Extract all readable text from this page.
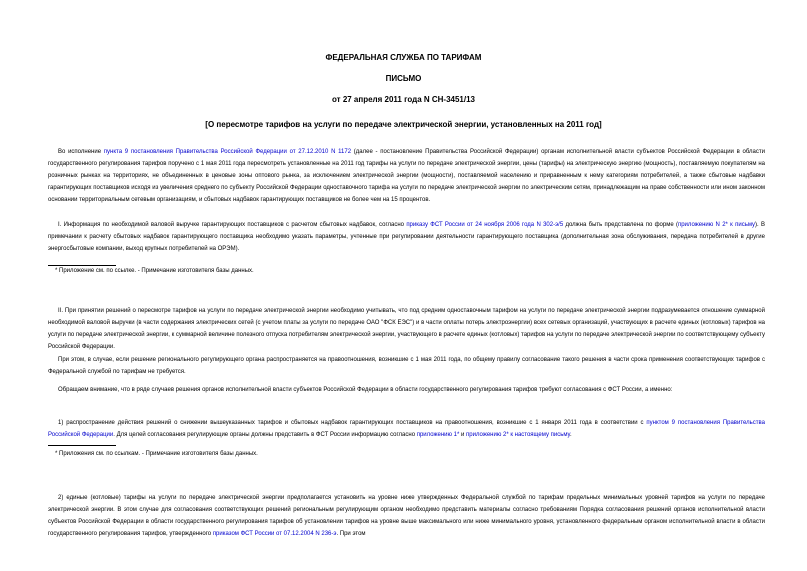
ФЕДЕРАЛЬНАЯ СЛУЖБА ПО ТАРИФАМ
ПИСЬМО
от 27 апреля 2011 года N СН-3451/13
[О пересмотре тарифов на услуги по передаче электрической энергии, установленных на 2011 год]

Во исполнение пункта 9 постановления Правительства Российской Федерации от 27.12.2010 N 1172 (далее - постановление Правительства Российской Федерации) органам исполнительной власти субъектов Российской Федерации в области государственного регулирования тарифов поручено с 1 мая 2011 года пересмотреть установленные на 2011 год тарифы на услуги по передаче электрической энергии, цены (тарифы) на электрическую энергию (мощность), поставляемую покупателям на розничных рынках на территориях, не объединенных в ценовые зоны оптового рынка, за исключением электрической энергии (мощности), поставляемой населению и приравненным к нему категориям потребителей, а также сбытовые надбавки гарантирующих поставщиков исходя из увеличения среднего по субъекту Российской Федерации одноставочного тарифа на услуги по передаче электрической энергии по электрическим сетям, принадлежащим на праве собственности или ином законном основании территориальным сетевым организациям, и сбытовых надбавок гарантирующих поставщиков не более чем на 15 процентов.

I. Информация по необходимой валовой выручке гарантирующих поставщиков с расчетом сбытовых надбавок, согласно приказу ФСТ России от 24 ноября 2006 года N 302-э/5 должна быть представлена по форме (приложению N 2* к письму). В примечании к расчету сбытовых надбавок гарантирующего поставщика необходимо указать параметры, учтенные при регулировании деятельности гарантирующего поставщика (дополнительная зона обслуживания, передача потребителей в другие энергосбытовые компании, выход крупных потребителей на ОРЭМ).

* Приложение см. по ссылке. - Примечание изготовителя базы данных.

II. При принятии решений о пересмотре тарифов на услуги по передаче электрической энергии необходимо учитывать, что под средним одноставочным тарифом на услуги по передаче электрической энергии подразумевается отношение суммарной необходимой валовой выручки (в части содержания электрических сетей (с учетом платы за услуги по передаче ОАО "ФСК ЕЭС") и в части оплаты потерь электроэнергии) всех сетевых организаций, участвующих в расчете единых (котловых) тарифов на услуги по передаче электрической энергии, к суммарной величине полезного отпуска потребителям электрической энергии, участвующего в расчете единых (котловых) тарифов на услуги по передаче электрической энергии по соответствующему субъекту Российской Федерации.

При этом, в случае, если решение регионального регулирующего органа распространяется на правоотношения, возникшие с 1 мая 2011 года, по общему правилу согласование такого решения в части срока применения соответствующих тарифов с Федеральной службой по тарифам не требуется.

Обращаем внимание, что в ряде случаев решения органов исполнительной власти субъектов Российской Федерации в области государственного регулирования тарифов требуют согласования с ФСТ России, а именно:

1) распространение действия решений о снижении вышеуказанных тарифов и сбытовых надбавок гарантирующих поставщиков на правоотношения, возникшие с 1 января 2011 года в соответствии с пунктом 9 постановления Правительства Российской Федерации. Для целей согласования регулирующие органы должны представить в ФСТ России информацию согласно приложению 1* и приложению 2* к настоящему письму.

* Приложения см. по ссылкам. - Примечание изготовителя базы данных.

2) единые (котловые) тарифы на услуги по передаче электрической энергии предполагается установить на уровне ниже утвержденных Федеральной службой по тарифам предельных минимальных уровней тарифов на услуги по передаче электрической энергии. В этом случае для согласования соответствующих решений региональным регулирующим органом необходимо представить материалы согласно требованиям Порядка согласования решений органов исполнительной власти субъектов Российской Федерации в области государственного регулирования тарифов об установлении тарифов на уровне выше максимального или ниже минимального уровня, установленного федеральным органом исполнительной власти в области государственного регулирования тарифов, утвержденного приказом ФСТ России от 07.12.2004 N 236-э. При этом
